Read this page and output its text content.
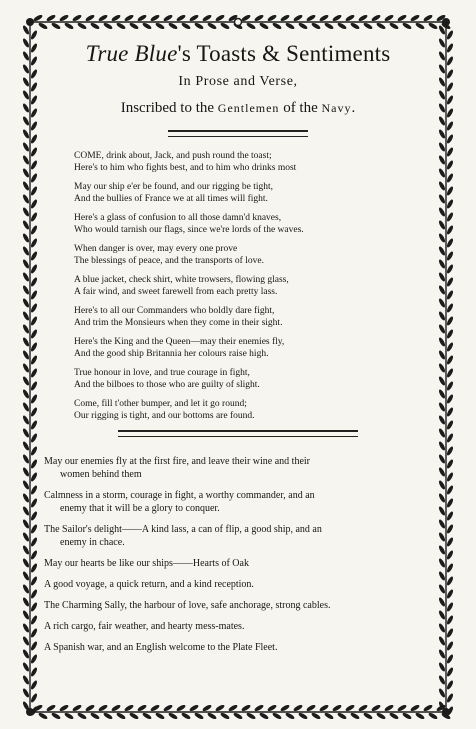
True Blue's Toasts & Sentiments
In Prose and Verse,
Inscribed to the Gentlemen of the Navy.
COME, drink about, Jack, and push round the toast;
Here's to him who fights best, and to him who drinks most
May our ship e'er be found, and our rigging be tight,
And the bullies of France we at all times will fight.
Here's a glass of confusion to all those damn'd knaves,
Who would tarnish our flags, since we're lords of the waves.
When danger is over, may every one prove
The blessings of peace, and the transports of love.
A blue jacket, check shirt, white trowsers, flowing glass,
A fair wind, and sweet farewell from each pretty lass.
Here's to all our Commanders who boldly dare fight,
And trim the Monsieurs when they come in their sight.
Here's the King and the Queen—may their enemies fly,
And the good ship Britannia her colours raise high.
True honour in love, and true courage in fight,
And the bilboes to those who are guilty of slight.
Come, fill t'other bumper, and let it go round;
Our rigging is tight, and our bottoms are found.
May our enemies fly at the first fire, and leave their wine and their
women behind them
Calmness in a storm, courage in fight, a worthy commander, and an
enemy that it will be a glory to conquer.
The Sailor's delight——A kind lass, a can of flip, a good ship, and an
enemy in chace.
May our hearts be like our ships——Hearts of Oak
A good voyage, a quick return, and a kind reception.
The Charming Sally, the harbour of love, safe anchorage, strong cables.
A rich cargo, fair weather, and hearty mess-mates.
A Spanish war, and an English welcome to the Plate Fleet.
